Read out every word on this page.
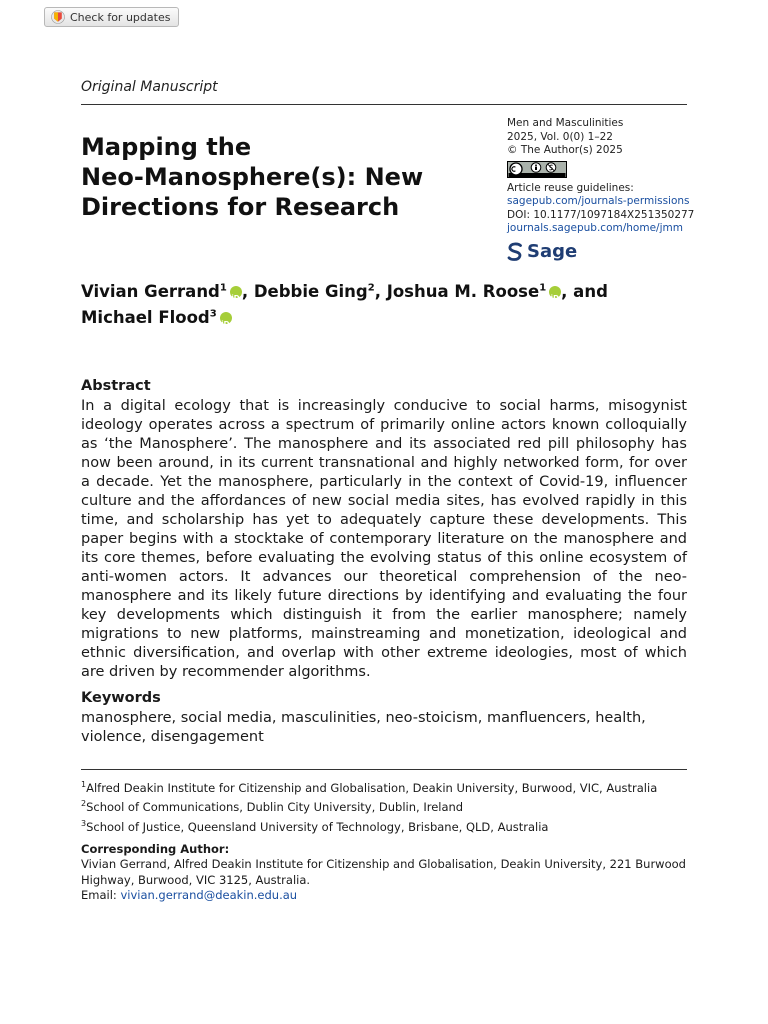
Check for updates
Original Manuscript
Mapping the
Neo-Manosphere(s): New
Directions for Research
Men and Masculinities
2025, Vol. 0(0) 1–22
© The Author(s) 2025
Article reuse guidelines:
sagepub.com/journals-permissions
DOI: 10.1177/1097184X251350277
journals.sagepub.com/home/jmm
Sage
Vivian Gerrand$^1$ iD , Debbie Ging$^2$, Joshua M. Roose$^1$ iD , and
Michael Flood$^3$iD
Abstract

In a digital ecology that is increasingly conducive to social harms, misogynist ideology operates across a spectrum of primarily online actors known colloquially as ‘the Manosphere’. The manosphere and its associated red pill philosophy has now been around, in its current transnational and highly networked form, for over a decade. Yet the manosphere, particularly in the context of Covid-19, influencer culture and the affordances of new social media sites, has evolved rapidly in this time, and scholarship has yet to adequately capture these developments. This paper begins with a stocktake of contemporary literature on the manosphere and its core themes, before evaluating the evolving status of this online ecosystem of anti-women actors. It advances our theoretical comprehension of the neo-manosphere and its likely future directions by identifying and evaluating the four key developments which distinguish it from the earlier manosphere; namely migrations to new platforms, mainstreaming and monetization, ideological and ethnic diversification, and overlap with other extreme ideologies, most of which are driven by recommender algorithms.

Keywords

manosphere, social media, masculinities, neo-stoicism, manfluencers, health, violence, disengagement

$^1$Alfred Deakin Institute for Citizenship and Globalisation, Deakin University, Burwood, VIC, Australia
$^2$School of Communications, Dublin City University, Dublin, Ireland
$^3$School of Justice, Queensland University of Technology, Brisbane, QLD, Australia
Corresponding Author:
Vivian Gerrand, Alfred Deakin Institute for Citizenship and Globalisation, Deakin University, 221 Burwood Highway, Burwood, VIC 3125, Australia.
Email: vivian.gerrand@deakin.edu.au
